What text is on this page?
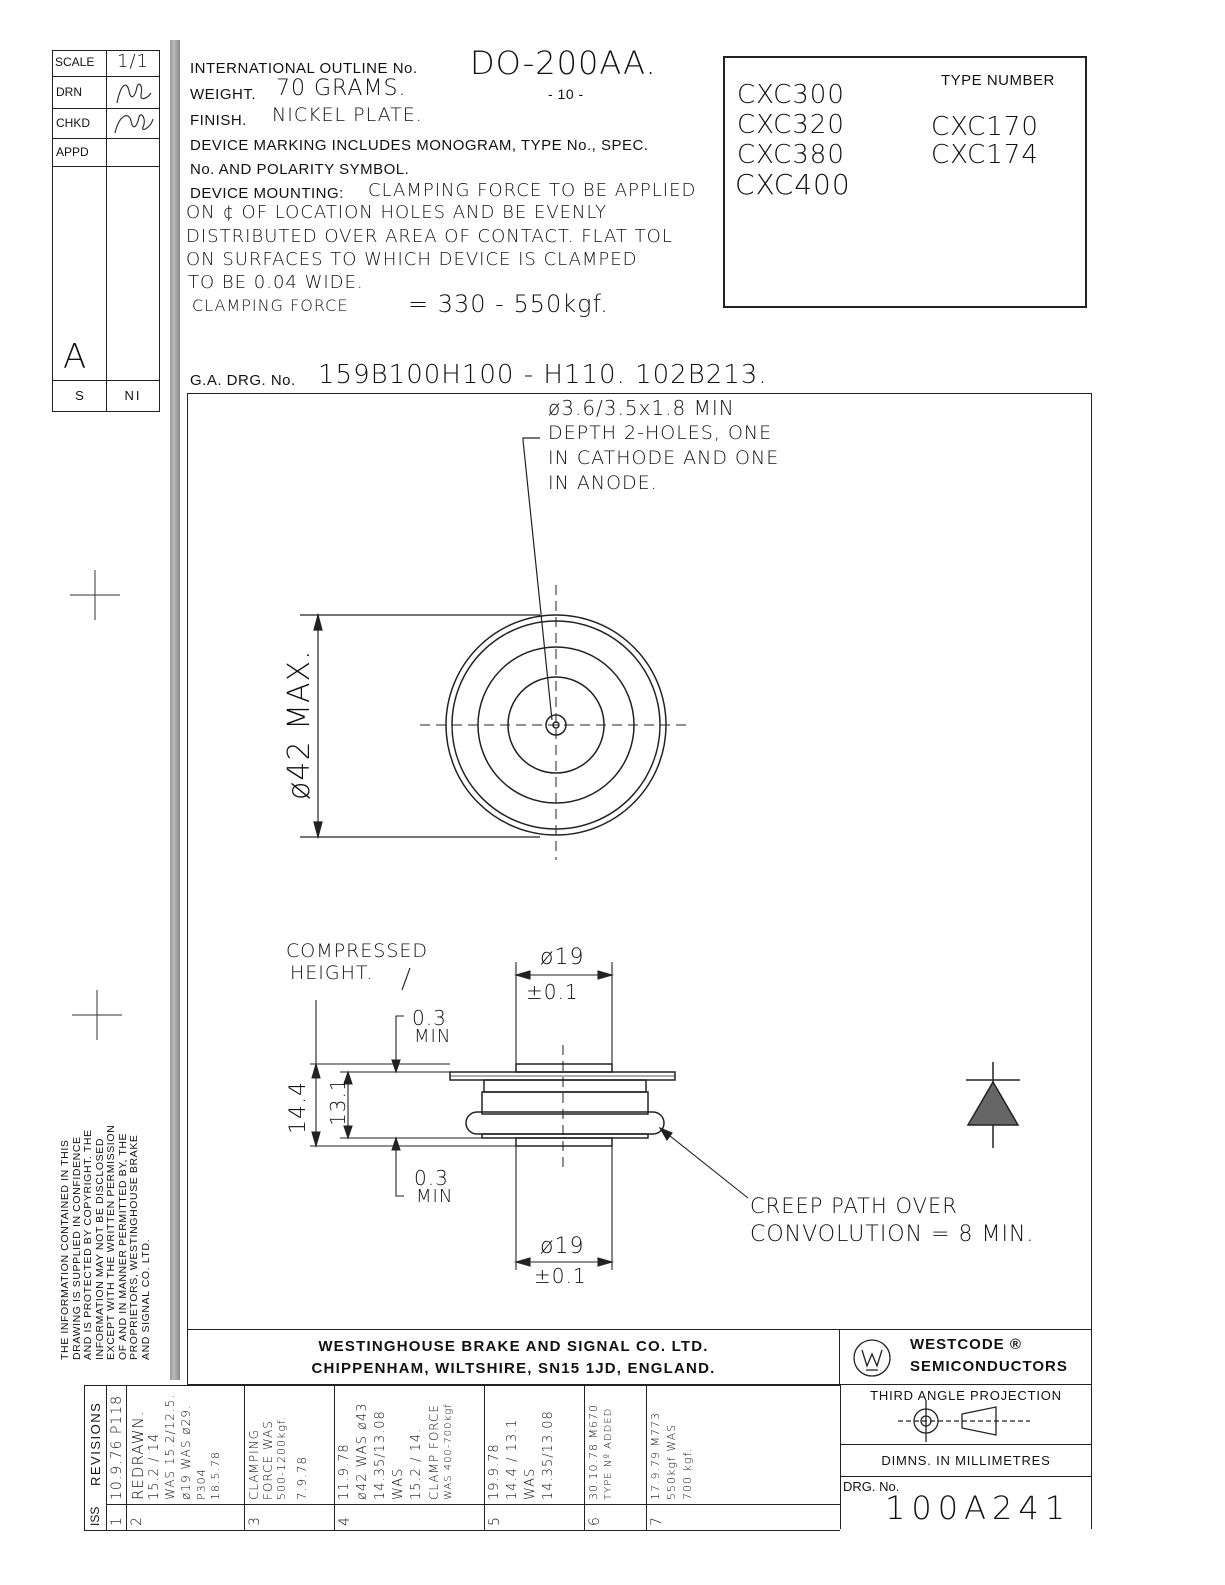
SCALE	1/1
DRN
CHKD
APPD
A
S	NI
INTERNATIONAL OUTLINE No. DO-200AA.
WEIGHT. 70 GRAMS.	- 10 -
FINISH. NICKEL PLATE.
DEVICE MARKING INCLUDES MONOGRAM, TYPE No., SPEC.
No. AND POLARITY SYMBOL.
DEVICE MOUNTING: CLAMPING FORCE TO BE APPLIED
ON ¢ OF LOCATION HOLES AND BE EVENLY
DISTRIBUTED OVER AREA OF CONTACT. FLAT TOL
ON SURFACES TO WHICH DEVICE IS CLAMPED
TO BE 0.04 WIDE.
CLAMPING FORCE = 330 - 550kgf.
TYPE NUMBER
CXC300
CXC320
CXC380
CXC400
CXC170
CXC174
G.A. DRG. No. 159B100H100 - H110. 102B213.
ø3.6/3.5x1.8 MIN
DEPTH 2-HOLES, ONE
IN CATHODE AND ONE
IN ANODE.
ø42 MAX.
COMPRESSED
HEIGHT.
ø19
±0.1
0.3
MIN
0.3
MIN
ø19
±0.1
14.4 13.1
CREEP PATH OVER
CONVOLUTION = 8 MIN.
THE INFORMATION CONTAINED IN THIS DRAWING IS SUPPLIED IN CONFIDENCE AND IS PROTECTED BY COPYRIGHT. THE INFORMATION MAY NOT BE DISCLOSED EXCEPT WITH THE WRITTEN PERMISSION OF AND IN MANNER PERMITTED BY, THE PROPRIETORS, WESTINGHOUSE BRAKE AND SIGNAL CO. LTD.	WESTINGHOUSE BRAKE AND SIGNAL CO. LTD.
CHIPPENHAM, WILTSHIRE, SN15 1JD, ENGLAND.
WESTCODE ®
SEMICONDUCTORS
THIRD ANGLE PROJECTION
DIMNS. IN MILLIMETRES
DRG. No.
100A241
ISS
REVISIONS
1
10.9.76 P118
2
REDRAWN. 15.2 / 14 WAS 15.2/12.5. ø19 WAS ø29. P304 18.5.78
3
CLAMPING FORCE WAS 500-1200kgf. 7.9.78
4
11.9.78 ø42 WAS ø43 14.35/13.08 WAS 15.2 / 14. CLAMP FORCE WAS 400-700kgf
5
19.9.78 14.4 / 13.1 WAS 14.35/13.08
6
30.10.78 M670 TYPE Nº ADDED
7
17.9.79 M773 550kgf WAS 700 kgf.
